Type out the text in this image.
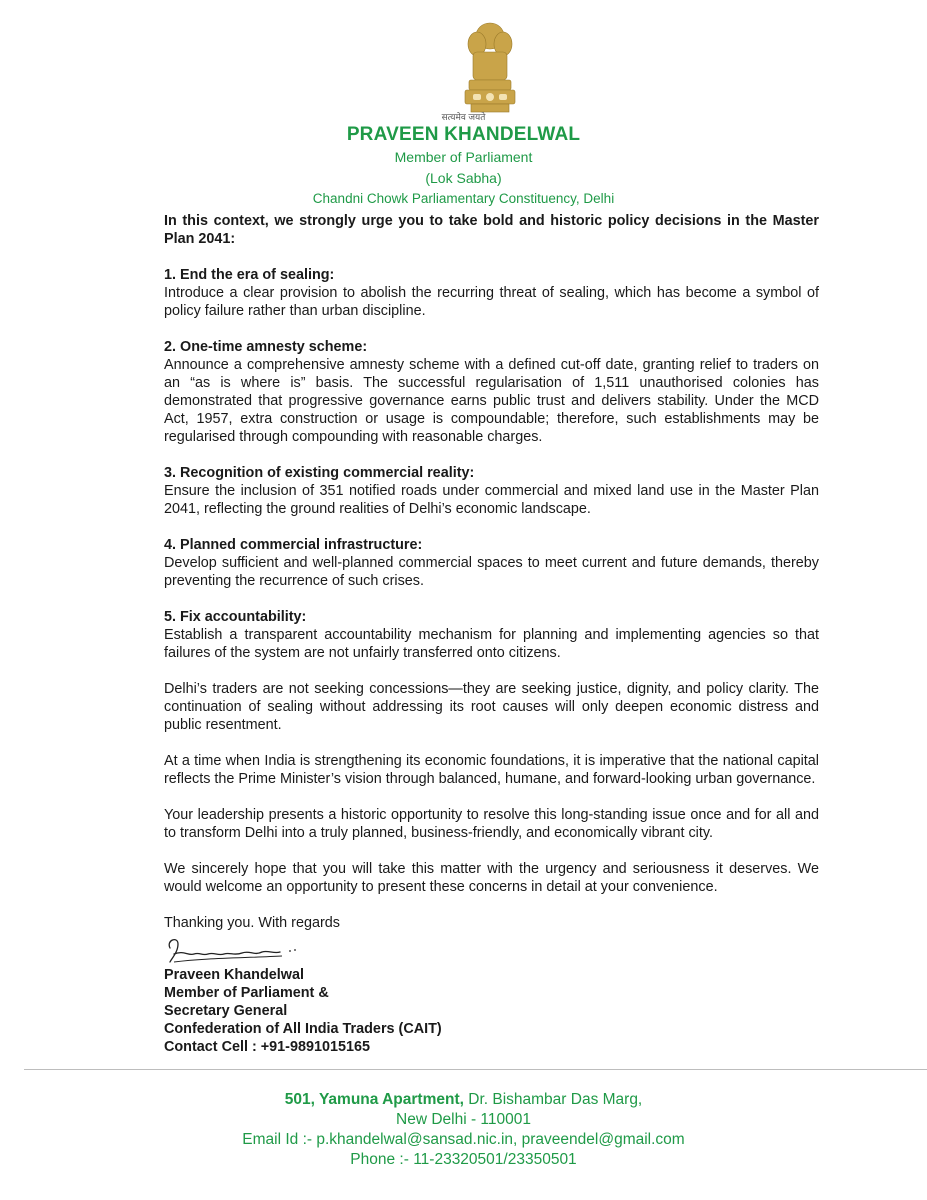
सत्यमेव जयते
PRAVEEN KHANDELWAL
Member of Parliament
(Lok Sabha)
Chandni Chowk Parliamentary Constituency, Delhi

In this context, we strongly urge you to take bold and historic policy decisions in the Master Plan 2041:

1. End the era of sealing:

Introduce a clear provision to abolish the recurring threat of sealing, which has become a symbol of policy failure rather than urban discipline.

2. One-time amnesty scheme:

Announce a comprehensive amnesty scheme with a defined cut-off date, granting relief to traders on an “as is where is” basis. The successful regularisation of 1,511 unauthorised colonies has demonstrated that progressive governance earns public trust and delivers stability. Under the MCD Act, 1957, extra construction or usage is compoundable; therefore, such establishments may be regularised through compounding with reasonable charges.

3. Recognition of existing commercial reality:

Ensure the inclusion of 351 notified roads under commercial and mixed land use in the Master Plan 2041, reflecting the ground realities of Delhi’s economic landscape.

4. Planned commercial infrastructure:

Develop sufficient and well-planned commercial spaces to meet current and future demands, thereby preventing the recurrence of such crises.

5. Fix accountability:

Establish a transparent accountability mechanism for planning and implementing agencies so that failures of the system are not unfairly transferred onto citizens.

Delhi’s traders are not seeking concessions—they are seeking justice, dignity, and policy clarity. The continuation of sealing without addressing its root causes will only deepen economic distress and public resentment.

At a time when India is strengthening its economic foundations, it is imperative that the national capital reflects the Prime Minister’s vision through balanced, humane, and forward-looking urban governance.

Your leadership presents a historic opportunity to resolve this long-standing issue once and for all and to transform Delhi into a truly planned, business-friendly, and economically vibrant city.

We sincerely hope that you will take this matter with the urgency and seriousness it deserves. We would welcome an opportunity to present these concerns in detail at your convenience.

Thanking you. With regards

Praveen Khandelwal
Member of Parliament &
Secretary General
Confederation of All India Traders (CAIT)
Contact Cell : +91-9891015165
501, Yamuna Apartment, Dr. Bishambar Das Marg,
New Delhi - 110001
Email Id :- p.khandelwal@sansad.nic.in, praveendel@gmail.com
Phone :- 11-23320501/23350501
